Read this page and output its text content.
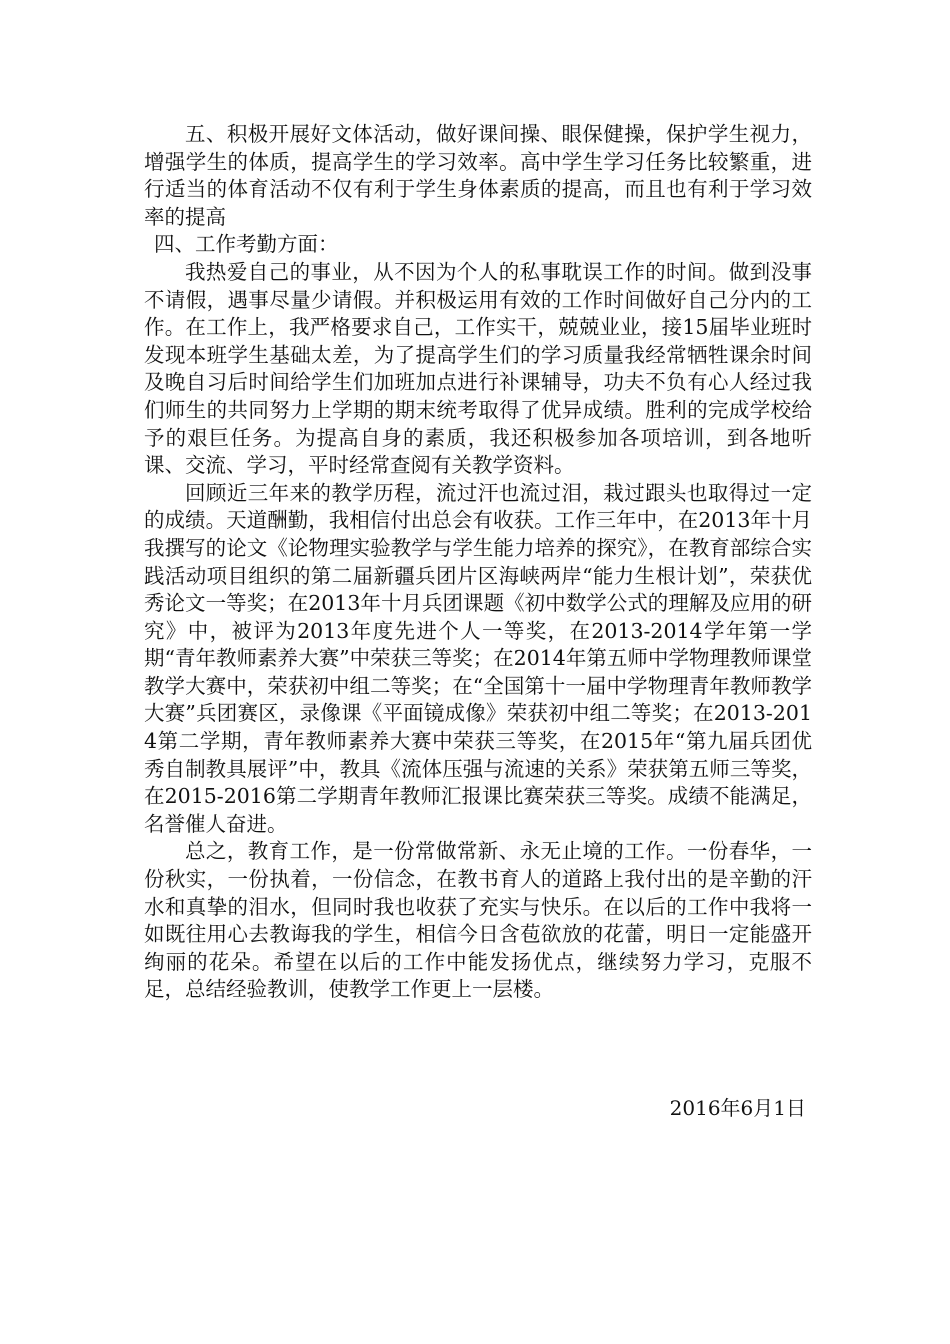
五、积极开展好文体活动，做好课间操、眼保健操，保护学生视力，增强学生的体质，提高学生的学习效率。高中学生学习任务比较繁重，进行适当的体育活动不仅有利于学生身体素质的提高，而且也有利于学习效率的提高

四、工作考勤方面：

我热爱自己的事业，从不因为个人的私事耽误工作的时间。做到没事不请假，遇事尽量少请假。并积极运用有效的工作时间做好自己分内的工作。在工作上，我严格要求自己，工作实干，兢兢业业，接15届毕业班时发现本班学生基础太差，为了提高学生们的学习质量我经常牺牲课余时间及晚自习后时间给学生们加班加点进行补课辅导，功夫不负有心人经过我们师生的共同努力上学期的期末统考取得了优异成绩。胜利的完成学校给予的艰巨任务。为提高自身的素质，我还积极参加各项培训，到各地听课、交流、学习，平时经常查阅有关教学资料。

回顾近三年来的教学历程，流过汗也流过泪，栽过跟头也取得过一定的成绩。天道酬勤，我相信付出总会有收获。工作三年中，在2013年十月我撰写的论文《论物理实验教学与学生能力培养的探究》，在教育部综合实践活动项目组织的第二届新疆兵团片区海峡两岸“能力生根计划”，荣获优秀论文一等奖；在2013年十月兵团课题《初中数学公式的理解及应用的研究》中，被评为2013年度先进个人一等奖，在2013-2014学年第一学期“青年教师素养大赛”中荣获三等奖；在2014年第五师中学物理教师课堂教学大赛中，荣获初中组二等奖；在“全国第十一届中学物理青年教师教学大赛”兵团赛区，录像课《平面镜成像》荣获初中组二等奖；在2013-2014第二学期，青年教师素养大赛中荣获三等奖，在2015年“第九届兵团优秀自制教具展评”中，教具《流体压强与流速的关系》荣获第五师三等奖，在2015-2016第二学期青年教师汇报课比赛荣获三等奖。成绩不能满足，名誉催人奋进。

总之，教育工作，是一份常做常新、永无止境的工作。一份春华，一份秋实，一份执着，一份信念，在教书育人的道路上我付出的是辛勤的汗水和真挚的泪水，但同时我也收获了充实与快乐。在以后的工作中我将一如既往用心去教诲我的学生，相信今日含苞欲放的花蕾，明日一定能盛开绚丽的花朵。希望在以后的工作中能发扬优点，继续努力学习，克服不足，总结经验教训，使教学工作更上一层楼。

2016年6月1日
